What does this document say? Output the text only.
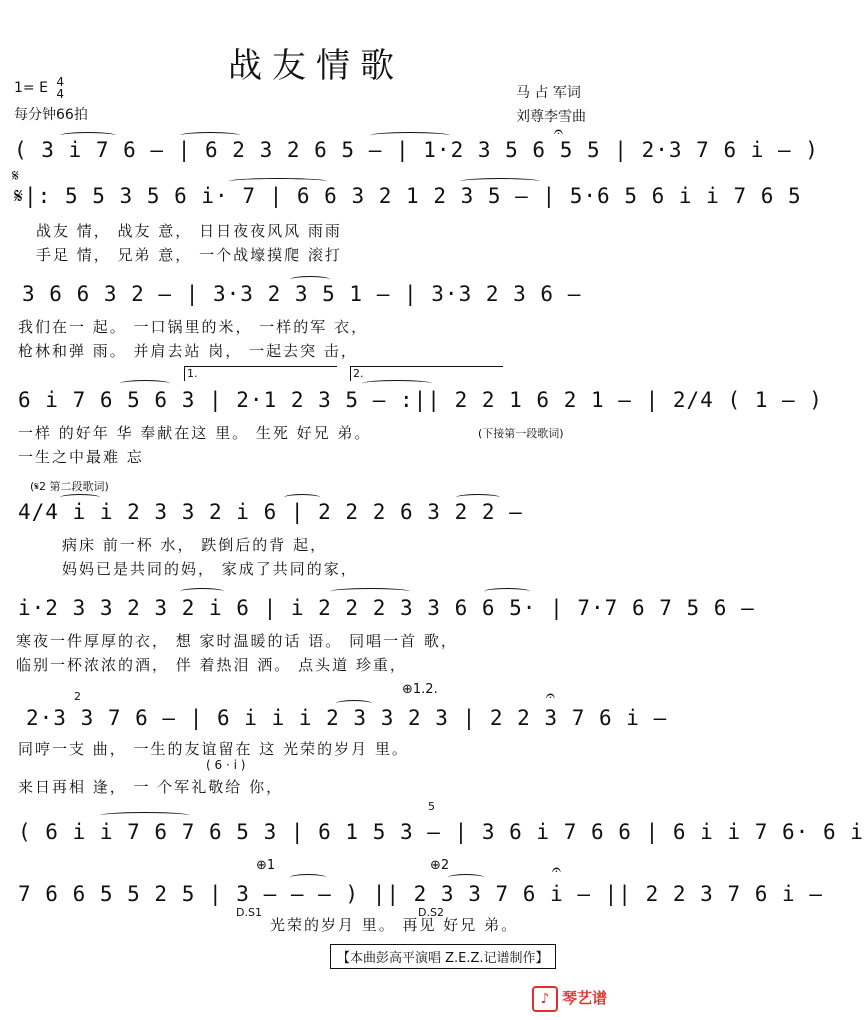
战友情歌
1= E 4
4
每分钟66拍
马 占 军词
刘尊李雪曲
𝄐
( 3 i 7 6 — | 6 2 3 2 6 5 — | 1·2 3 5 6 5 5 | 2·3 7 6 i — )
𝄋
𝄋|: 5 5 3 5 6 i· 7 | 6 6 3 2 1 2 3 5 — | 5·6 5 6 i i 7 6 5
战友 情， 战友 意， 日日夜夜风风 雨雨
手足 情， 兄弟 意， 一个战壕摸爬 滚打
3 6 6 3 2 — | 3·3 2 3 5 1 — | 3·3 2 3 6 —
我们在一 起。 一口锅里的米， 一样的军 衣，
枪林和弹 雨。 并肩去站 岗， 一起去突 击，
1.	2.
6 i 7 6 5 6 3 | 2·1 2 3 5 — :|| 2 2 1 6 2 1 — | 2/4 ( 1 — )
一样 的好年 华 奉献在这 里。 生死 好兄 弟。	(下接第一段歌词)
一生之中最难 忘
(𝄋2 第二段歌词)
4/4 i i 2 3 3 2 i 6 | 2 2 2 6 3 2 2 —
病床 前一杯 水， 跌倒后的背 起，
妈妈已是共同的妈， 家成了共同的家，
i·2 3 3 2 3 2 i 6 | i 2 2 2 3 3 6 6 5· | 7·7 6 7 5 6 —
寒夜一件厚厚的衣， 想 家时温暖的话 语。 同唱一首 歌，
临别一杯浓浓的酒， 伴 着热泪 洒。 点头道 珍重，
⊕1.2.
2	𝄐
2·3 3 7 6 — | 6 i i i 2 3 3 2 3 | 2 2 3 7 6 i —
同哼一支 曲， 一生的友谊留在 这 光荣的岁月 里。
( 6 · i )
来日再相 逢， 一 个军礼敬给 你，
5
( 6 i i 7 6 7 6 5 3 | 6 1 5 3 — | 3 6 i 7 6 6 | 6 i i 7 6· 6 i
⊕1	⊕2	𝄐
7 6 6 5 5 2 5 | 3 — — — ) || 2 3 3 7 6 i — || 2 2 3 7 6 i —
D.S1	D.S2
光荣的岁月 里。 再见 好兄 弟。
【本曲彭高平演唱 Z.E.Z.记谱制作】
♪ 琴艺谱
